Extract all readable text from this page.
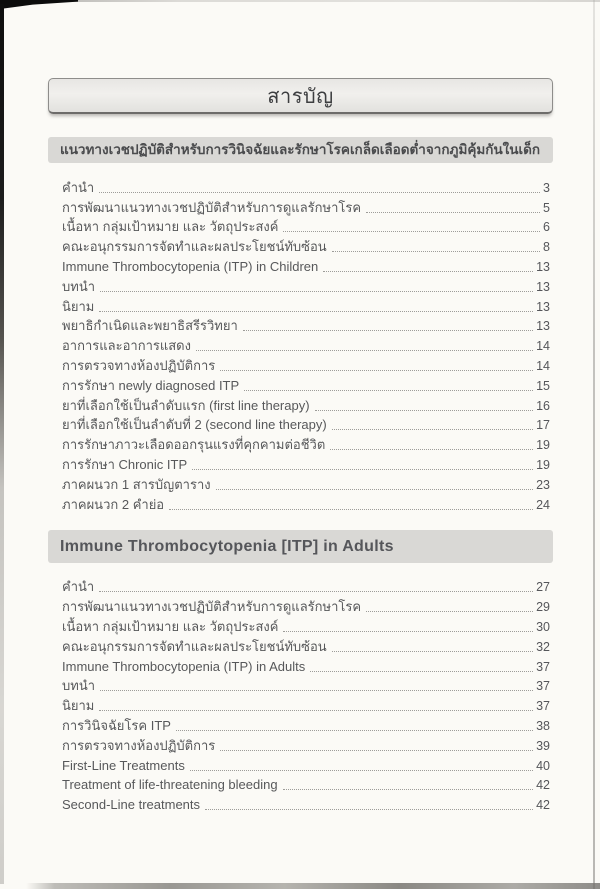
สารบัญ
แนวทางเวชปฏิบัติสำหรับการวินิจฉัยและรักษาโรคเกล็ดเลือดต่ำจากภูมิคุ้มกันในเด็ก
คำนำ	3
การพัฒนาแนวทางเวชปฏิบัติสำหรับการดูแลรักษาโรค	5
เนื้อหา กลุ่มเป้าหมาย และ วัตถุประสงค์	6
คณะอนุกรรมการจัดทำและผลประโยชน์ทับซ้อน	8
Immune Thrombocytopenia (ITP) in Children	13
บทนำ	13
นิยาม	13
พยาธิกำเนิดและพยาธิสรีรวิทยา	13
อาการและอาการแสดง	14
การตรวจทางห้องปฏิบัติการ	14
การรักษา newly diagnosed ITP	15
ยาที่เลือกใช้เป็นลำดับแรก (first line therapy)	16
ยาที่เลือกใช้เป็นลำดับที่ 2 (second line therapy)	17
การรักษาภาวะเลือดออกรุนแรงที่คุกคามต่อชีวิต	19
การรักษา Chronic ITP	19
ภาคผนวก 1 สารบัญตาราง	23
ภาคผนวก 2 คำย่อ	24
Immune Thrombocytopenia [ITP] in Adults
คำนำ	27
การพัฒนาแนวทางเวชปฏิบัติสำหรับการดูแลรักษาโรค	29
เนื้อหา กลุ่มเป้าหมาย และ วัตถุประสงค์	30
คณะอนุกรรมการจัดทำและผลประโยชน์ทับซ้อน	32
Immune Thrombocytopenia (ITP) in Adults	37
บทนำ	37
นิยาม	37
การวินิจฉัยโรค ITP	38
การตรวจทางห้องปฏิบัติการ	39
First-Line Treatments	40
Treatment of life-threatening bleeding	42
Second-Line treatments	42
